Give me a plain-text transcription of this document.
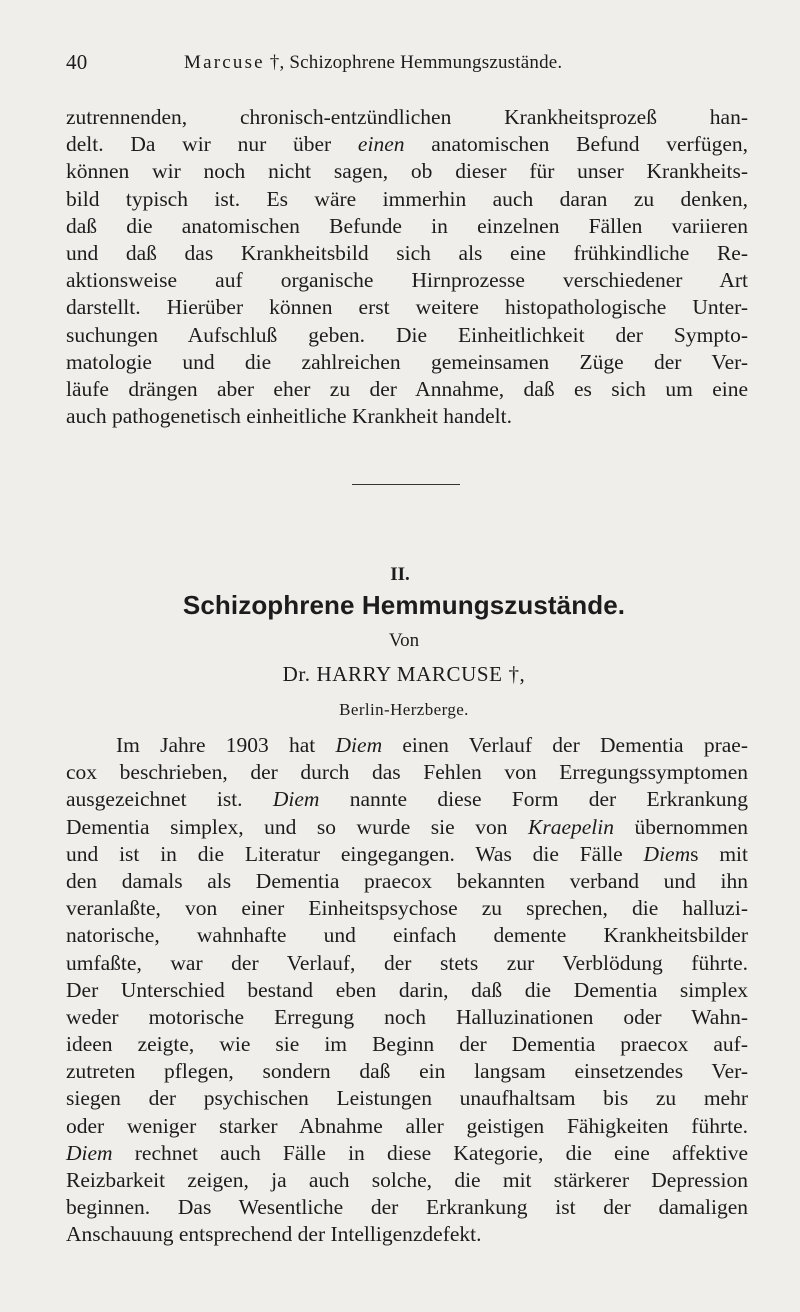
40	Marcuse †, Schizophrene Hemmungszustände.
zutrennenden, chronisch-entzündlichen Krankheitsprozeß han-
delt. Da wir nur über einen anatomischen Befund verfügen,
können wir noch nicht sagen, ob dieser für unser Krankheits-
bild typisch ist. Es wäre immerhin auch daran zu denken,
daß die anatomischen Befunde in einzelnen Fällen variieren
und daß das Krankheitsbild sich als eine frühkindliche Re-
aktionsweise auf organische Hirnprozesse verschiedener Art
darstellt. Hierüber können erst weitere histopathologische Unter-
suchungen Aufschluß geben. Die Einheitlichkeit der Sympto-
matologie und die zahlreichen gemeinsamen Züge der Ver-
läufe drängen aber eher zu der Annahme, daß es sich um eine
auch pathogenetisch einheitliche Krankheit handelt.
II.
Schizophrene Hemmungszustände.
Von
Dr. HARRY MARCUSE †,
Berlin-Herzberge.
Im Jahre 1903 hat Diem einen Verlauf der Dementia prae-
cox beschrieben, der durch das Fehlen von Erregungssymptomen
ausgezeichnet ist. Diem nannte diese Form der Erkrankung
Dementia simplex, und so wurde sie von Kraepelin übernommen
und ist in die Literatur eingegangen. Was die Fälle Diems mit
den damals als Dementia praecox bekannten verband und ihn
veranlaßte, von einer Einheitspsychose zu sprechen, die halluzi-
natorische, wahnhafte und einfach demente Krankheitsbilder
umfaßte, war der Verlauf, der stets zur Verblödung führte.
Der Unterschied bestand eben darin, daß die Dementia simplex
weder motorische Erregung noch Halluzinationen oder Wahn-
ideen zeigte, wie sie im Beginn der Dementia praecox auf-
zutreten pflegen, sondern daß ein langsam einsetzendes Ver-
siegen der psychischen Leistungen unaufhaltsam bis zu mehr
oder weniger starker Abnahme aller geistigen Fähigkeiten führte.
Diem rechnet auch Fälle in diese Kategorie, die eine affektive
Reizbarkeit zeigen, ja auch solche, die mit stärkerer Depression
beginnen. Das Wesentliche der Erkrankung ist der damaligen
Anschauung entsprechend der Intelligenzdefekt.
